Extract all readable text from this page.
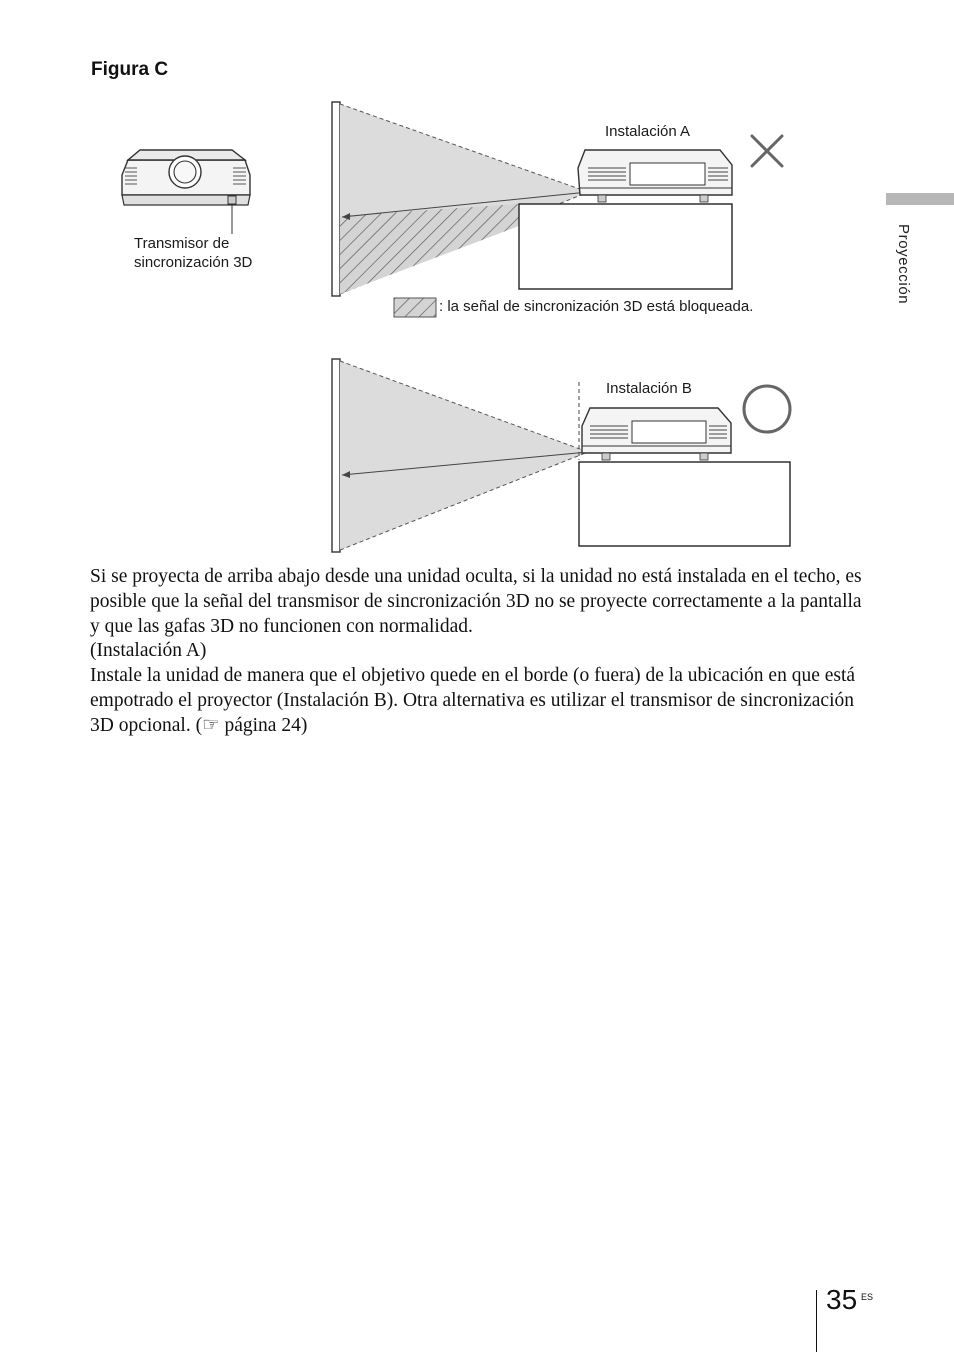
Figura C
Transmisor de
sincronización 3D
Instalación A
Instalación B
: la señal de sincronización 3D está bloqueada.

Si se proyecta de arriba abajo desde una unidad oculta, si la unidad no está instalada en el techo, es posible que la señal del transmisor de sincronización 3D no se proyecte correctamente a la pantalla y que las gafas 3D no funcionen con normalidad.
(Instalación A)

Instale la unidad de manera que el objetivo quede en el borde (o fuera) de la ubicación en que está empotrado el proyector (Instalación B). Otra alternativa es utilizar el transmisor de sincronización 3D opcional. (☞ página 24)

Proyección
35 ES
